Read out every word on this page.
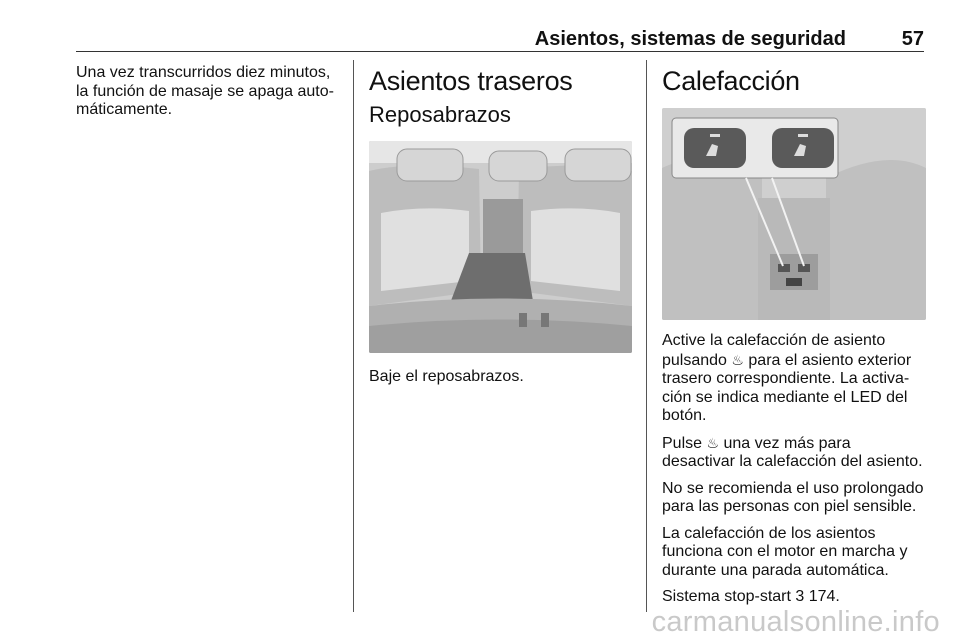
Asientos, sistemas de seguridad	57

Una vez transcurridos diez minutos, la función de masaje se apaga automáticamente.

Asientos traseros
Reposabrazos

Baje el reposabrazos.

Calefacción

Active la calefacción de asiento pulsando ♨ para el asiento exterior trasero correspondiente. La activación se indica mediante el LED del botón.

Pulse ♨ una vez más para desactivar la calefacción del asiento.

No se recomienda el uso prolongado para las personas con piel sensible.

La calefacción de los asientos funciona con el motor en marcha y durante una parada automática.

Sistema stop-start 3 174.

carmanualsonline.info
